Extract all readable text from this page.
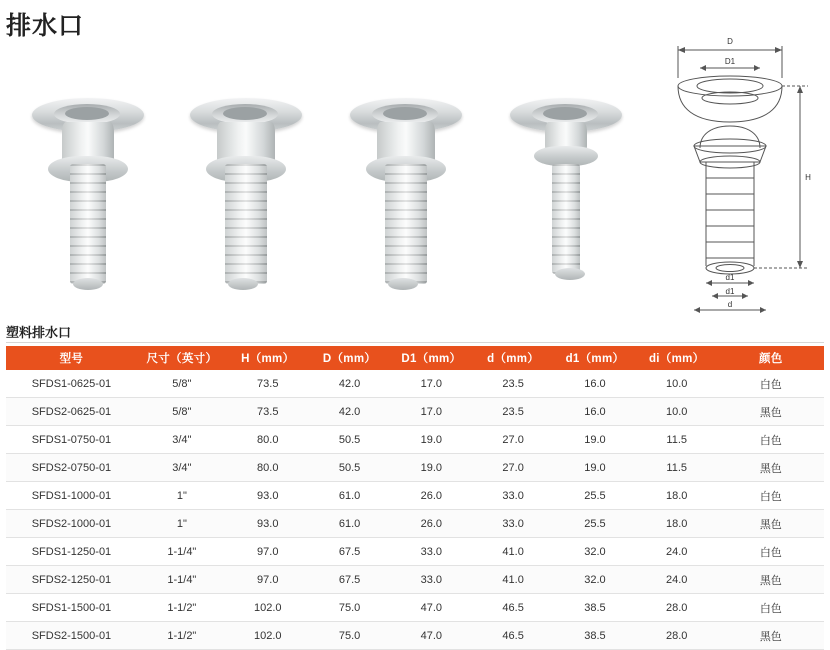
排水口
D
D1
H
d1
d1
d
塑料排水口
型号	尺寸（英寸）	H（mm）	D（mm）	D1（mm）	d（mm）	d1（mm）	di（mm）	颜色
SFDS1-0625-01	5/8"	73.5	42.0	17.0	23.5	16.0	10.0	白色
SFDS2-0625-01	5/8"	73.5	42.0	17.0	23.5	16.0	10.0	黑色
SFDS1-0750-01	3/4"	80.0	50.5	19.0	27.0	19.0	11.5	白色
SFDS2-0750-01	3/4"	80.0	50.5	19.0	27.0	19.0	11.5	黑色
SFDS1-1000-01	1"	93.0	61.0	26.0	33.0	25.5	18.0	白色
SFDS2-1000-01	1"	93.0	61.0	26.0	33.0	25.5	18.0	黑色
SFDS1-1250-01	1-1/4"	97.0	67.5	33.0	41.0	32.0	24.0	白色
SFDS2-1250-01	1-1/4"	97.0	67.5	33.0	41.0	32.0	24.0	黑色
SFDS1-1500-01	1-1/2"	102.0	75.0	47.0	46.5	38.5	28.0	白色
SFDS2-1500-01	1-1/2"	102.0	75.0	47.0	46.5	38.5	28.0	黑色
